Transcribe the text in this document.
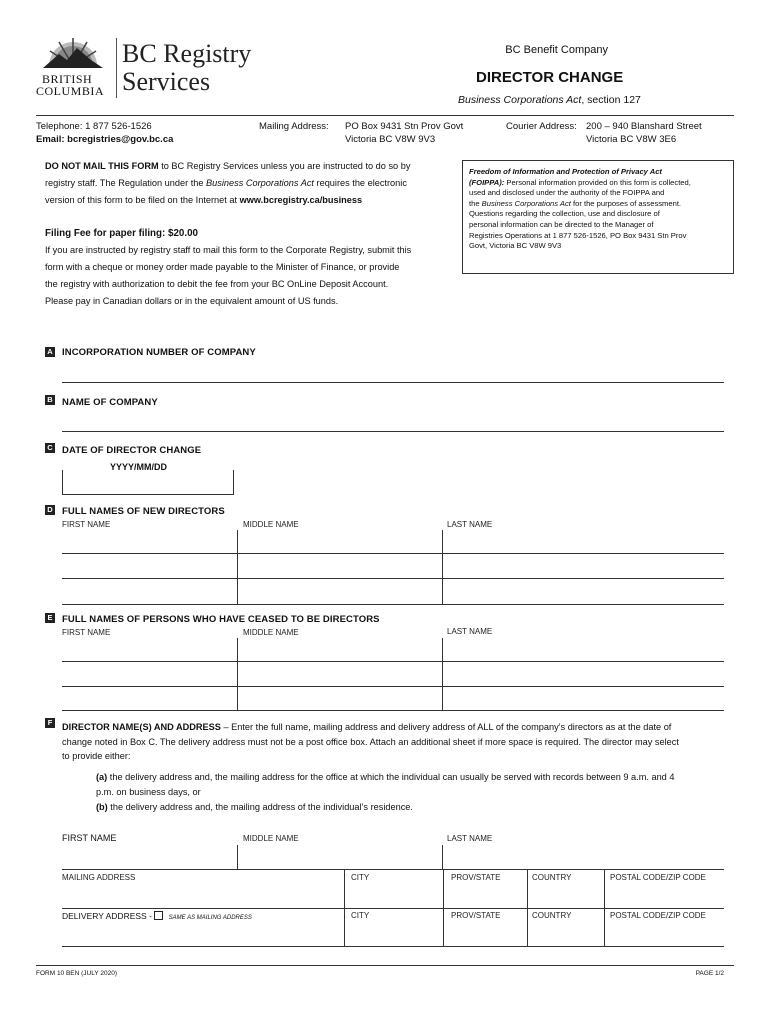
BRITISH
COLUMBIA
BC Registry
Services
BC Benefit Company
DIRECTOR CHANGE
Business Corporations Act, section 127
Telephone: 1 877 526-1526
Email: bcregistries@gov.bc.ca
Mailing Address: PO Box 9431 Stn Prov Govt
Victoria BC V8W 9V3
Courier Address: 200 – 940 Blanshard Street
Victoria BC V8W 3E6
DO NOT MAIL THIS FORM to BC Registry Services unless you are instructed to do so by
registry staff. The Regulation under the Business Corporations Act requires the electronic
version of this form to be filed on the Internet at www.bcregistry.ca/business
Filing Fee for paper filing: $20.00
If you are instructed by registry staff to mail this form to the Corporate Registry, submit this
form with a cheque or money order made payable to the Minister of Finance, or provide
the registry with authorization to debit the fee from your BC OnLine Deposit Account.
Please pay in Canadian dollars or in the equivalent amount of US funds.
Freedom of Information and Protection of Privacy Act
(FOIPPA): Personal information provided on this form is collected,
used and disclosed under the authority of the FOIPPA and
the Business Corporations Act for the purposes of assessment.
Questions regarding the collection, use and disclosure of
personal information can be directed to the Manager of
Registries Operations at 1 877 526-1526, PO Box 9431 Stn Prov
Govt, Victoria BC V8W 9V3
A INCORPORATION NUMBER OF COMPANY
B NAME OF COMPANY
C DATE OF DIRECTOR CHANGE
YYYY/MM/DD
D FULL NAMES OF NEW DIRECTORS
FIRST NAME	MIDDLE NAME	LAST NAME
E FULL NAMES OF PERSONS WHO HAVE CEASED TO BE DIRECTORS
FIRST NAME	MIDDLE NAME	LAST NAME
F DIRECTOR NAME(S) AND ADDRESS – Enter the full name, mailing address and delivery address of ALL of the company’s directors as at the date of
change noted in Box C. The delivery address must not be a post office box. Attach an additional sheet if more space is required. The director may select
to provide either:
(a) the delivery address and, the mailing address for the office at which the individual can usually be served with records between 9 a.m. and 4
p.m. on business days, or
(b) the delivery address and, the mailing address of the individual’s residence.
FIRST NAME	MIDDLE NAME	LAST NAME
MAILING ADDRESS	CITY	PROV/STATE	COUNTRY	POSTAL CODE/ZIP CODE
DELIVERY ADDRESS -  SAME AS MAILING ADDRESS	CITY	PROV/STATE	COUNTRY	POSTAL CODE/ZIP CODE
FORM 10 BEN (JULY 2020)	PAGE 1/2
